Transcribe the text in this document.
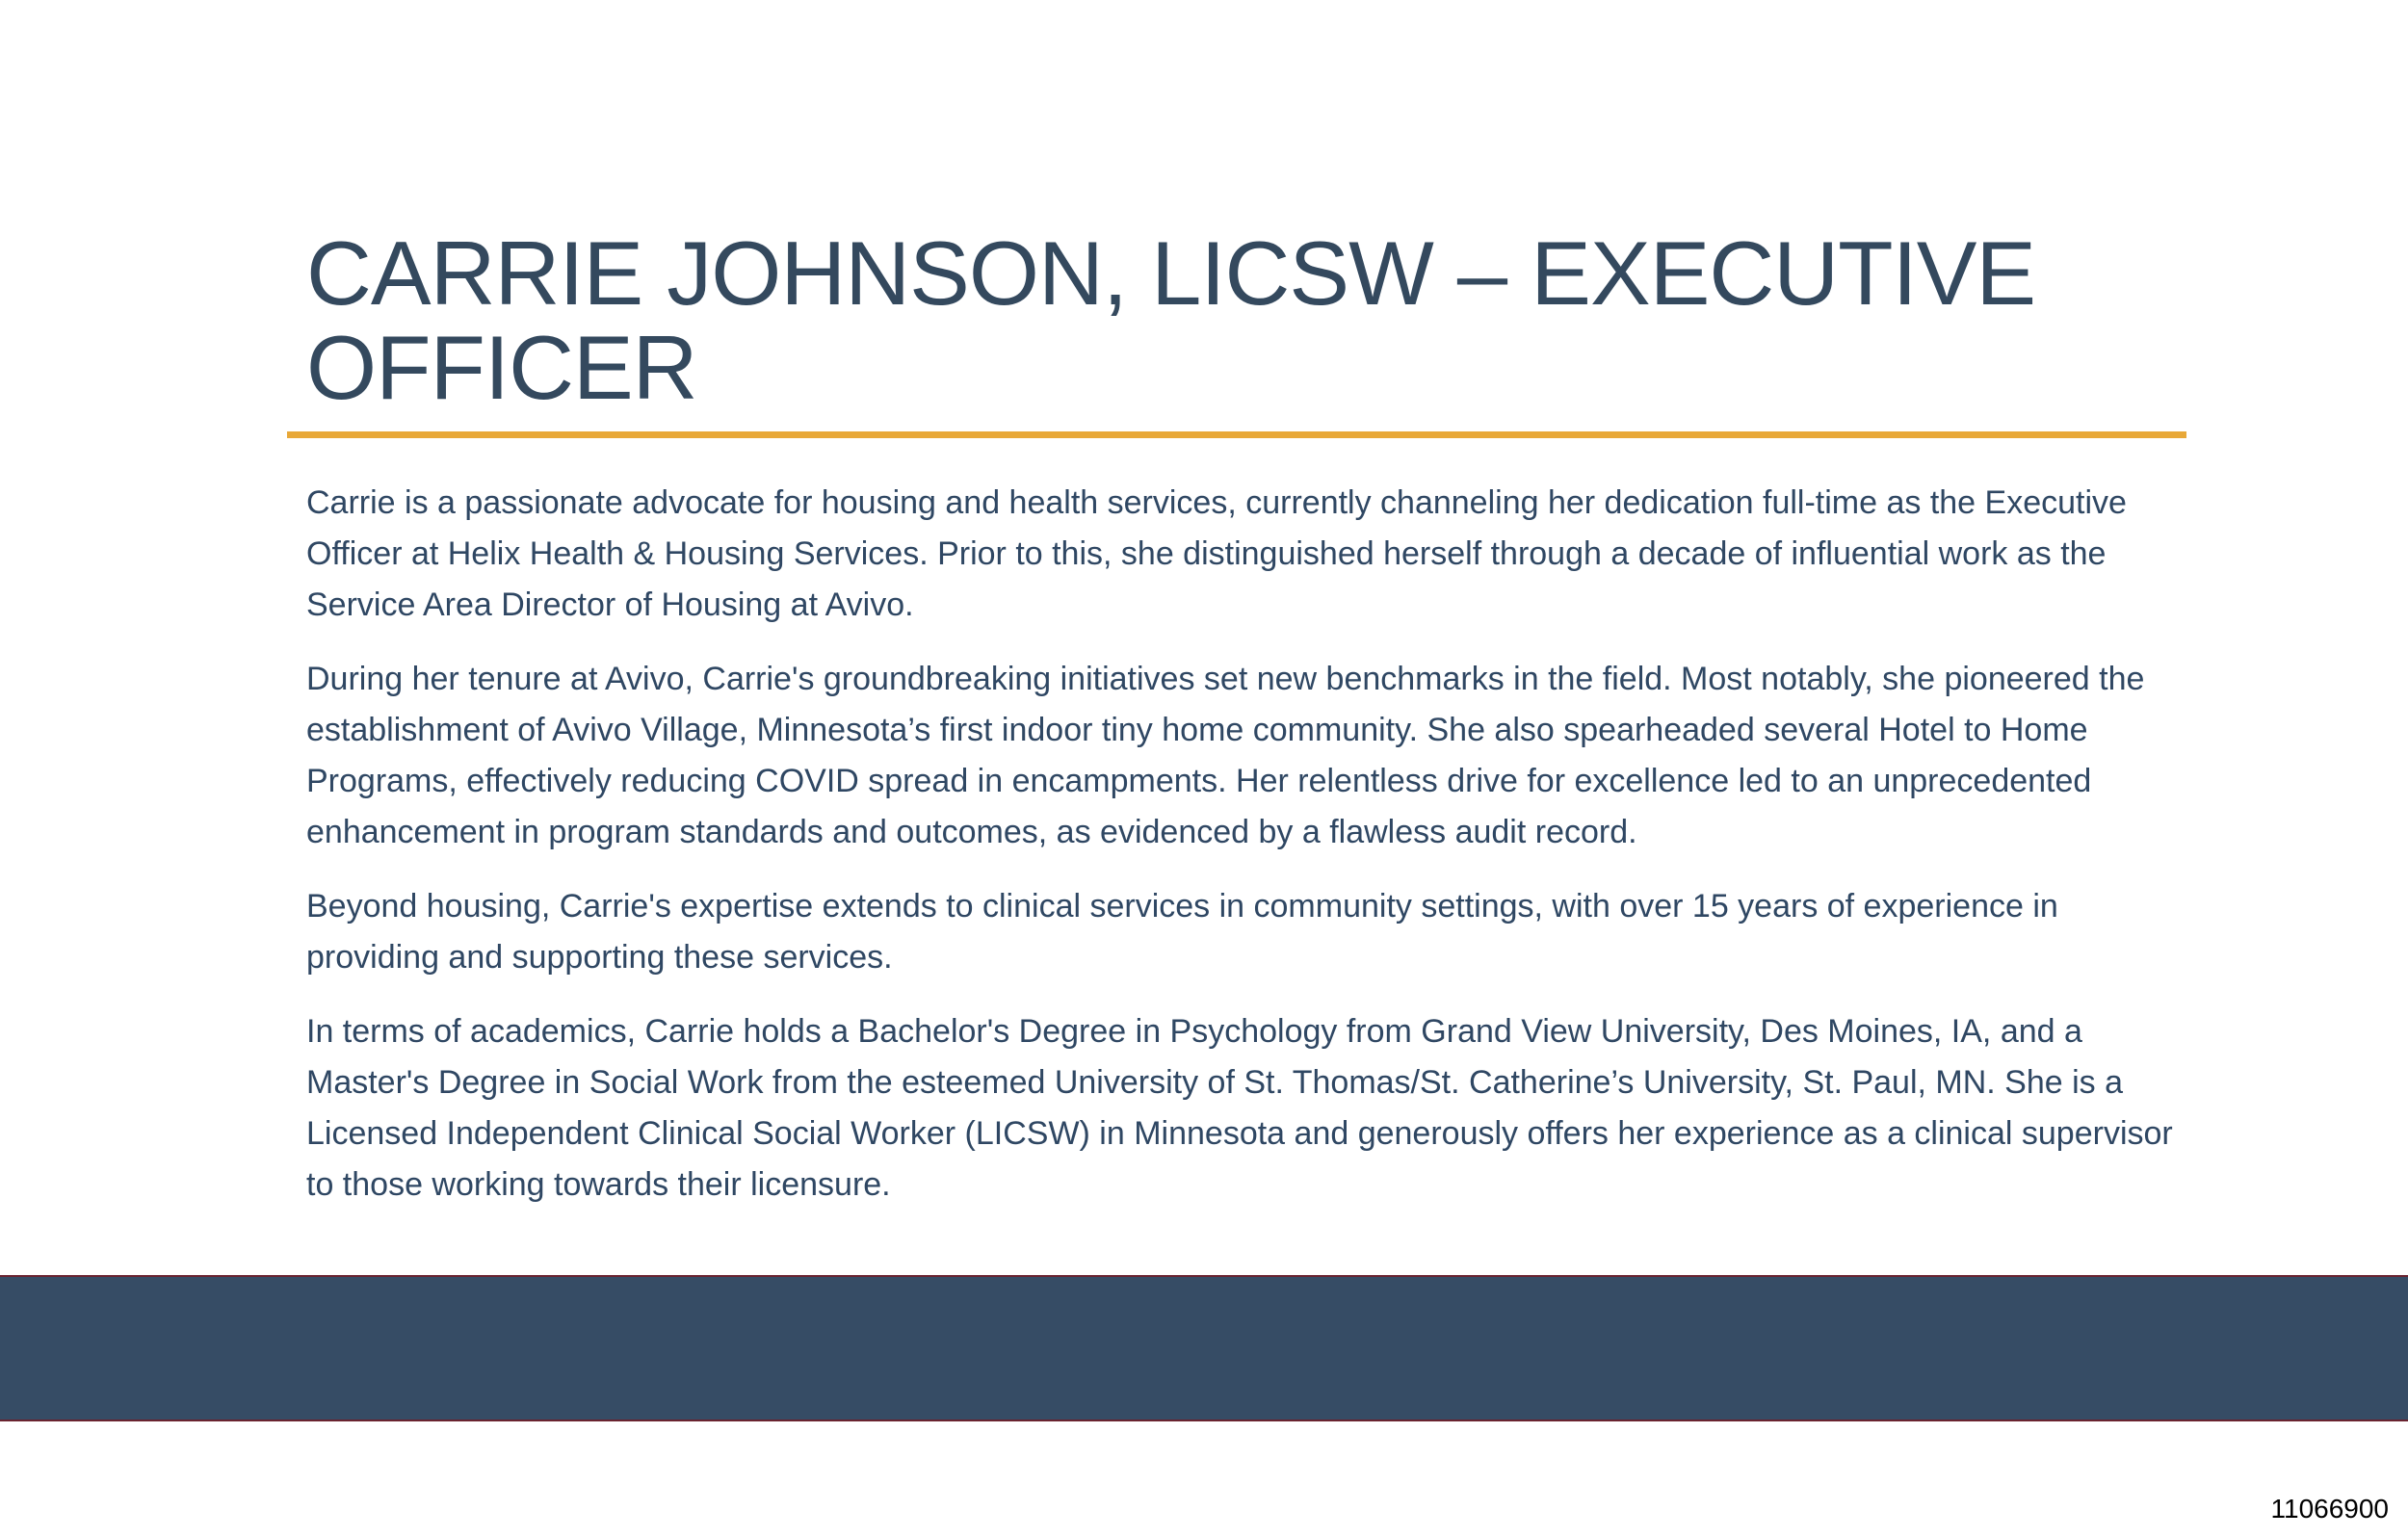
CARRIE JOHNSON, LICSW – EXECUTIVE
OFFICER

Carrie is a passionate advocate for housing and health services, currently channeling her dedication full-time as the Executive Officer at Helix Health & Housing Services. Prior to this, she distinguished herself through a decade of influential work as the Service Area Director of Housing at Avivo.

During her tenure at Avivo, Carrie's groundbreaking initiatives set new benchmarks in the field. Most notably, she pioneered the establishment of Avivo Village, Minnesota’s first indoor tiny home community. She also spearheaded several Hotel to Home Programs, effectively reducing COVID spread in encampments. Her relentless drive for excellence led to an unprecedented enhancement in program standards and outcomes, as evidenced by a flawless audit record.

Beyond housing, Carrie's expertise extends to clinical services in community settings, with over 15 years of experience in providing and supporting these services.

In terms of academics, Carrie holds a Bachelor's Degree in Psychology from Grand View University, Des Moines, IA, and a Master's Degree in Social Work from the esteemed University of St. Thomas/St. Catherine’s University, St. Paul, MN. She is a Licensed Independent Clinical Social Worker (LICSW) in Minnesota and generously offers her experience as a clinical supervisor to those working towards their licensure.

11066900
